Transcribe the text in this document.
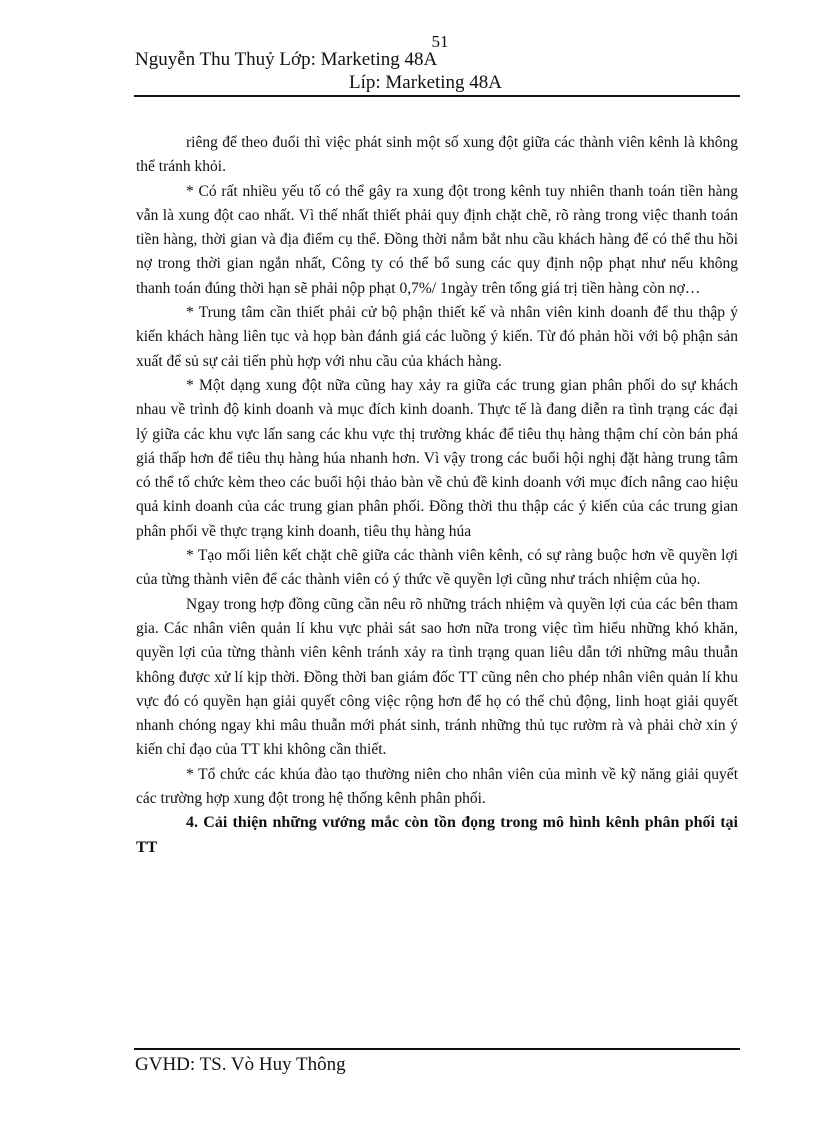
51
Nguyễn Thu Thuỷ Lớp: Marketing 48A
Líp: Marketing 48A

riêng để theo đuổi thì việc phát sinh một số xung đột giữa các thành viên kênh là không thể tránh khỏi.

* Có rất nhiều yếu tố có thể gây ra xung đột trong kênh tuy nhiên thanh toán tiền hàng vẫn là xung đột cao nhất. Vì thế nhất thiết phải quy định chặt chẽ, rõ ràng trong việc thanh toán tiền hàng, thời gian và địa điểm cụ thể. Đồng thời nắm bắt nhu cầu khách hàng để có thể thu hồi nợ trong thời gian ngắn nhất, Công ty có thể bổ sung các quy định nộp phạt như nếu không thanh toán đúng thời hạn sẽ phải nộp phạt 0,7%/ 1ngày trên tổng giá trị tiền hàng còn nợ…

* Trung tâm cần thiết phải cử bộ phận thiết kế và nhân viên kinh doanh để thu thập ý kiến khách hàng liên tục và họp bàn đánh giá các luồng ý kiến. Từ đó phản hồi với bộ phận sản xuất để sủ sự cải tiến phù hợp với nhu cầu của khách hàng.

* Một dạng xung đột nữa cũng hay xảy ra giữa các trung gian phân phối do sự khách nhau về trình độ kinh doanh và mục đích kinh doanh. Thực tế là đang diễn ra tình trạng các đại lý giữa các khu vực lấn sang các khu vực thị trường khác để tiêu thụ hàng thậm chí còn bán phá giá thấp hơn để tiêu thụ hàng húa nhanh hơn. Vì vậy trong các buổi hội nghị đặt hàng trung tâm có thể tổ chức kèm theo các buổi hội thảo bàn về chủ đề kinh doanh với mục đích nâng cao hiệu quả kinh doanh của các trung gian phân phối. Đồng thời thu thập các ý kiến của các trung gian phân phối về thực trạng kinh doanh, tiêu thụ hàng húa

* Tạo mối liên kết chặt chẽ giữa các thành viên kênh, có sự ràng buộc hơn về quyền lợi của từng thành viên để các thành viên có ý thức về quyền lợi cũng như trách nhiệm của họ.

Ngay trong hợp đồng cũng cần nêu rõ những trách nhiệm và quyền lợi của các bên tham gia. Các nhân viên quản lí khu vực phải sát sao hơn nữa trong việc tìm hiểu những khó khăn, quyền lợi của từng thành viên kênh tránh xảy ra tình trạng quan liêu dẫn tới những mâu thuẫn không được xử lí kịp thời. Đồng thời ban giám đốc TT cũng nên cho phép nhân viên quản lí khu vực đó có quyền hạn giải quyết công việc rộng hơn để họ có thể chủ động, linh hoạt giải quyết nhanh chóng ngay khi mâu thuẫn mới phát sinh, tránh những thủ tục rườm rà và phải chờ xin ý kiến chỉ đạo của TT khi không cần thiết.

* Tổ chức các khúa đào tạo thường niên cho nhân viên của mình về kỹ năng giải quyết các trường hợp xung đột trong hệ thống kênh phân phối.

4. Cải thiện những vướng mắc còn tồn đọng trong mô hình kênh phân phối tại TT

GVHD: TS. Vò Huy Thông
